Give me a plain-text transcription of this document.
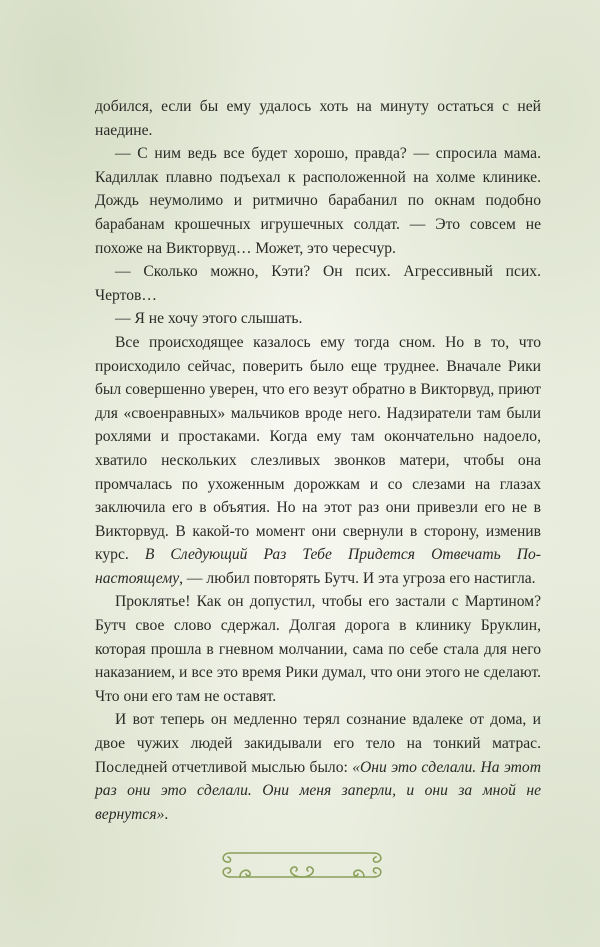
добился, если бы ему удалось хоть на минуту остаться с ней наедине.

— С ним ведь все будет хорошо, правда? — спросила мама. Кадиллак плавно подъехал к расположенной на холме клинике. Дождь неумолимо и ритмично барабанил по окнам подобно барабанам крошечных игрушечных солдат. — Это совсем не похоже на Викторвуд… Может, это чересчур.

— Сколько можно, Кэти? Он псих. Агрессивный псих. Чертов…

— Я не хочу этого слышать.

Все происходящее казалось ему тогда сном. Но в то, что происходило сейчас, поверить было еще труднее. Вначале Рики был совершенно уверен, что его везут обратно в Викторвуд, приют для «своенравных» мальчиков вроде него. Надзиратели там были рохлями и простаками. Когда ему там окончательно надоело, хватило нескольких слезливых звонков матери, чтобы она промчалась по ухоженным дорожкам и со слезами на глазах заключила его в объятия. Но на этот раз они привезли его не в Викторвуд. В какой-то момент они свернули в сторону, изменив курс. В Следующий Раз Тебе Придется Отвечать По-настоящему, — любил повторять Бутч. И эта угроза его настигла.

Проклятье! Как он допустил, чтобы его застали с Мартином? Бутч свое слово сдержал. Долгая дорога в клинику Бруклин, которая прошла в гневном молчании, сама по себе стала для него наказанием, и все это время Рики думал, что они этого не сделают. Что они его там не оставят.

И вот теперь он медленно терял сознание вдалеке от дома, и двое чужих людей закидывали его тело на тонкий матрас. Последней отчетливой мыслью было: «Они это сделали. На этот раз они это сделали. Они меня заперли, и они за мной не вернутся».
